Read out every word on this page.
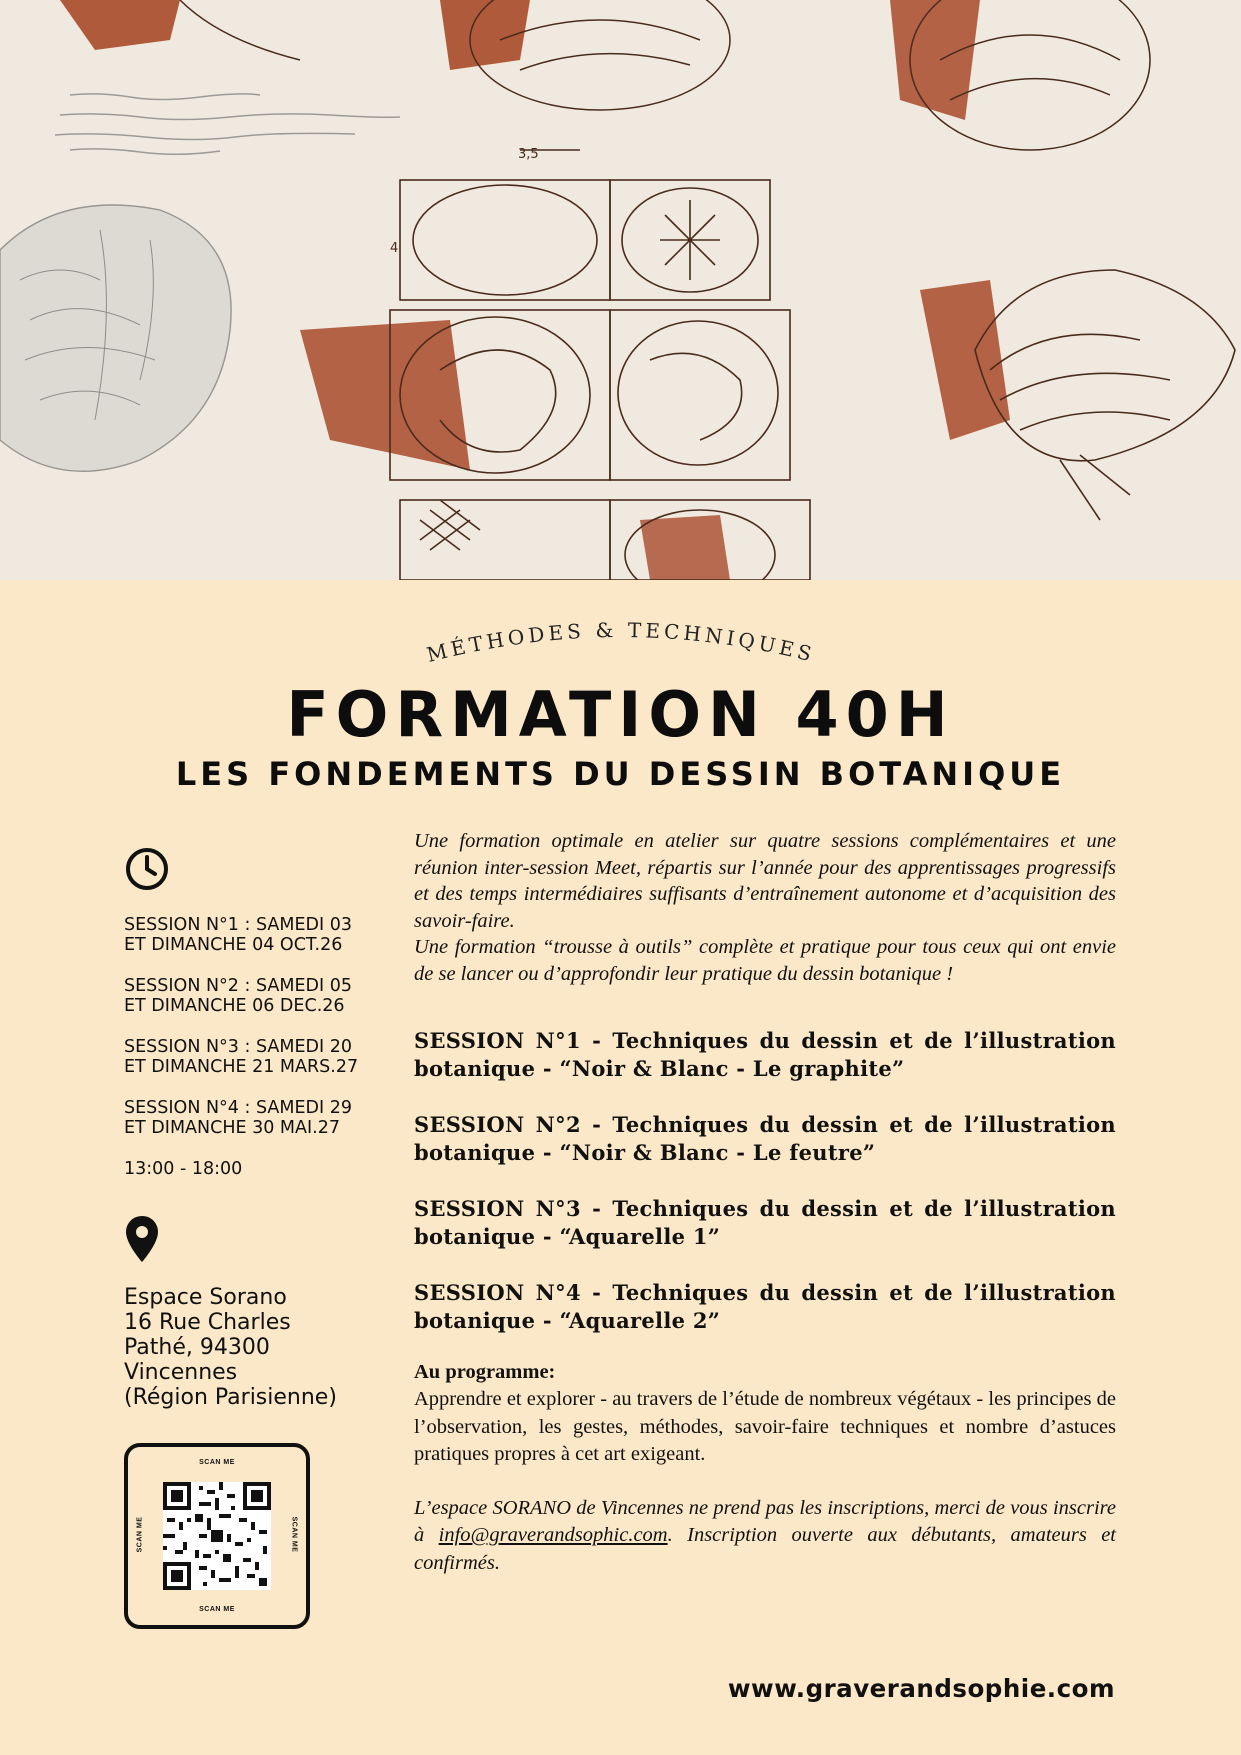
3,5
4
MÉTHODES & TECHNIQUES
FORMATION 40H
LES FONDEMENTS DU DESSIN BOTANIQUE
SESSION N°1 : SAMEDI 03
ET DIMANCHE 04 OCT.26
SESSION N°2 : SAMEDI 05
ET DIMANCHE 06 DEC.26
SESSION N°3 : SAMEDI 20
ET DIMANCHE 21 MARS.27
SESSION N°4 : SAMEDI 29
ET DIMANCHE 30 MAI.27
13:00 - 18:00
Espace Sorano
16 Rue Charles
Pathé, 94300
Vincennes
(Région Parisienne)
SCAN ME
SCAN ME
SCAN ME	SCAN ME

Une formation optimale en atelier sur quatre sessions complémentaires et une réunion inter-session Meet, répartis sur l’année pour des apprentissages progressifs et des temps intermédiaires suffisants d’entraînement autonome et d’acquisition des savoir-faire.

Une formation “trousse à outils” complète et pratique pour tous ceux qui ont envie de se lancer ou d’approfondir leur pratique du dessin botanique !

SESSION N°1 - Techniques du dessin et de l’illustration botanique - “Noir & Blanc - Le graphite”

SESSION N°2 - Techniques du dessin et de l’illustration botanique - “Noir & Blanc - Le feutre”

SESSION N°3 - Techniques du dessin et de l’illustration botanique - “Aquarelle 1”

SESSION N°4 - Techniques du dessin et de l’illustration botanique - “Aquarelle 2”

Au programme:

Apprendre et explorer - au travers de l’étude de nombreux végétaux - les principes de l’observation, les gestes, méthodes, savoir-faire techniques et nombre d’astuces pratiques propres à cet art exigeant.

L’espace SORANO de Vincennes ne prend pas les inscriptions, merci de vous inscrire à info@graverandsophic.com. Inscription ouverte aux débutants, amateurs et confirmés.

www.graverandsophie.com
